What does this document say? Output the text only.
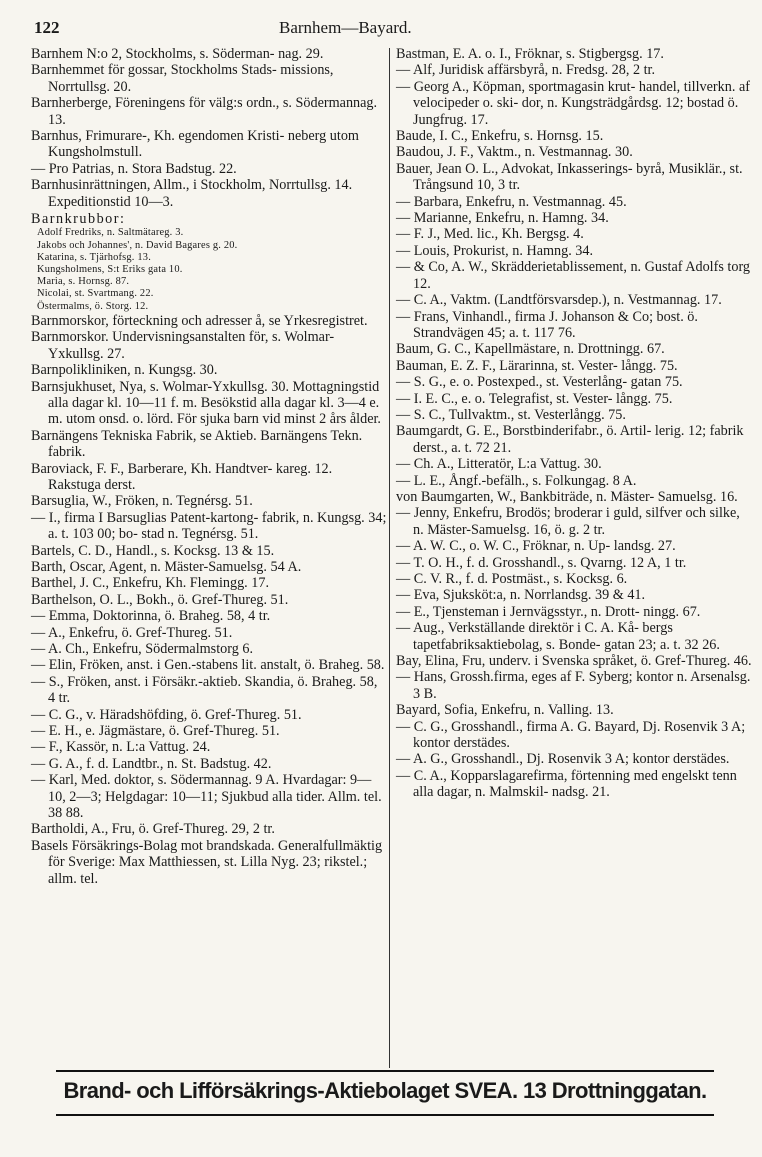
122	Barnhem—Bayard.
Barnhem N:o 2, Stockholms, s. Söderman- nag. 29.
Barnhemmet för gossar, Stockholms Stads- missions, Norrtullsg. 20.
Barnherberge, Föreningens för välg:s ordn., s. Södermannag. 13.
Barnhus, Frimurare-, Kh. egendomen Kristi- neberg utom Kungsholmstull.
— Pro Patrias, n. Stora Badstug. 22.
Barnhusinrättningen, Allm., i Stockholm, Norrtullsg. 14. Expeditionstid 10—3.
Barnkrubbor:
Adolf Fredriks, n. Saltmätareg. 3.
Jakobs och Johannes', n. David Bagares g. 20.
Katarina, s. Tjärhofsg. 13.
Kungsholmens, S:t Eriks gata 10.
Maria, s. Hornsg. 87.
Nicolai, st. Svartmang. 22.
Östermalms, ö. Storg. 12.
Barnmorskor, förteckning och adresser å, se Yrkesregistret.
Barnmorskor. Undervisningsanstalten för, s. Wolmar-Yxkullsg. 27.
Barnpolikliniken, n. Kungsg. 30.
Barnsjukhuset, Nya, s. Wolmar-Yxkullsg. 30. Mottagningstid alla dagar kl. 10—11 f. m. Besökstid alla dagar kl. 3—4 e. m. utom onsd. o. lörd. För sjuka barn vid minst 2 års ålder.
Barnängens Tekniska Fabrik, se Aktieb. Barnängens Tekn. fabrik.
Baroviack, F. F., Barberare, Kh. Handtver- kareg. 12. Rakstuga derst.
Barsuglia, W., Fröken, n. Tegnérsg. 51.
— I., firma I Barsuglias Patent-kartong- fabrik, n. Kungsg. 34; a. t. 103 00; bo- stad n. Tegnérsg. 51.
Bartels, C. D., Handl., s. Kocksg. 13 & 15.
Barth, Oscar, Agent, n. Mäster-Samuelsg. 54 A.
Barthel, J. C., Enkefru, Kh. Flemingg. 17.
Barthelson, O. L., Bokh., ö. Gref-Thureg. 51.
— Emma, Doktorinna, ö. Braheg. 58, 4 tr.
— A., Enkefru, ö. Gref-Thureg. 51.
— A. Ch., Enkefru, Södermalmstorg 6.
— Elin, Fröken, anst. i Gen.-stabens lit. anstalt, ö. Braheg. 58.
— S., Fröken, anst. i Försäkr.-aktieb. Skandia, ö. Braheg. 58, 4 tr.
— C. G., v. Häradshöfding, ö. Gref-Thureg. 51.
— E. H., e. Jägmästare, ö. Gref-Thureg. 51.
— F., Kassör, n. L:a Vattug. 24.
— G. A., f. d. Landtbr., n. St. Badstug. 42.
— Karl, Med. doktor, s. Södermannag. 9 A. Hvardagar: 9—10, 2—3; Helgdagar: 10—11; Sjukbud alla tider. Allm. tel. 38 88.
Bartholdi, A., Fru, ö. Gref-Thureg. 29, 2 tr.
Basels Försäkrings-Bolag mot brandskada. Generalfullmäktig för Sverige: Max Matthiessen, st. Lilla Nyg. 23; rikstel.; allm. tel.
Bastman, E. A. o. I., Fröknar, s. Stigbergsg. 17.
— Alf, Juridisk affärsbyrå, n. Fredsg. 28, 2 tr.
— Georg A., Köpman, sportmagasin krut- handel, tillverkn. af velocipeder o. ski- dor, n. Kungsträdgårdsg. 12; bostad ö. Jungfrug. 17.
Baude, I. C., Enkefru, s. Hornsg. 15.
Baudou, J. F., Vaktm., n. Vestmannag. 30.
Bauer, Jean O. L., Advokat, Inkasserings- byrå, Musiklär., st. Trångsund 10, 3 tr.
— Barbara, Enkefru, n. Vestmannag. 45.
— Marianne, Enkefru, n. Hamng. 34.
— F. J., Med. lic., Kh. Bergsg. 4.
— Louis, Prokurist, n. Hamng. 34.
— & Co, A. W., Skrädderietablissement, n. Gustaf Adolfs torg 12.
— C. A., Vaktm. (Landtförsvarsdep.), n. Vestmannag. 17.
— Frans, Vinhandl., firma J. Johanson & Co; bost. ö. Strandvägen 45; a. t. 117 76.
Baum, G. C., Kapellmästare, n. Drottningg. 67.
Bauman, E. Z. F., Lärarinna, st. Vester- långg. 75.
— S. G., e. o. Postexped., st. Vesterlång- gatan 75.
— I. E. C., e. o. Telegrafist, st. Vester- långg. 75.
— S. C., Tullvaktm., st. Vesterlångg. 75.
Baumgardt, G. E., Borstbinderifabr., ö. Artil- lerig. 12; fabrik derst., a. t. 72 21.
— Ch. A., Litteratör, L:a Vattug. 30.
— L. E., Ångf.-befälh., s. Folkungag. 8 A.
von Baumgarten, W., Bankbiträde, n. Mäster- Samuelsg. 16.
— Jenny, Enkefru, Brodös; broderar i guld, silfver och silke, n. Mäster-Samuelsg. 16, ö. g. 2 tr.
— A. W. C., o. W. C., Fröknar, n. Up- landsg. 27.
— T. O. H., f. d. Grosshandl., s. Qvarng. 12 A, 1 tr.
— C. V. R., f. d. Postmäst., s. Kocksg. 6.
— Eva, Sjuksköt:a, n. Norrlandsg. 39 & 41.
— E., Tjensteman i Jernvägsstyr., n. Drott- ningg. 67.
— Aug., Verkställande direktör i C. A. Kå- bergs tapetfabriksaktiebolag, s. Bonde- gatan 23; a. t. 32 26.
Bay, Elina, Fru, underv. i Svenska språket, ö. Gref-Thureg. 46.
— Hans, Grossh.firma, eges af F. Syberg; kontor n. Arsenalsg. 3 B.
Bayard, Sofia, Enkefru, n. Valling. 13.
— C. G., Grosshandl., firma A. G. Bayard, Dj. Rosenvik 3 A; kontor derstädes.
— A. G., Grosshandl., Dj. Rosenvik 3 A; kontor derstädes.
— C. A., Kopparslagarefirma, förtenning med engelskt tenn alla dagar, n. Malmskil- nadsg. 21.
Brand- och Lifförsäkrings-Aktiebolaget SVEA. 13 Drottninggatan.
